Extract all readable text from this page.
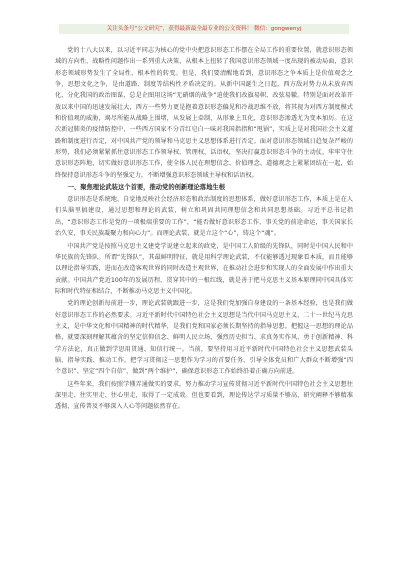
关注头条号“公文研究”，获得最新最全最专业的公文资料！ 微信：gongwenyj

党的十八大以来，以习近平同志为核心的党中央把意识形态工作摆在全局工作的重要位置，就意识形态领域的方向性、战略性问题作出一系列重大决策，从根本上扭转了我国意识形态领域一度出现的被动局面，意识形态领域形势发生了全局性、根本性的转变。但是，我们要清醒地看到，意识形态之争本质上是价值观念之争，思想文化之争，是由道路、制度等结构性矛盾决定的。从新中国诞生之日起，西方敌对势力从未放弃西化、分化我国的政治图谋，总是企图用这场“无硝烟的战争”迫使我们改旗易帜、改弦易辙。特别是面对改革开放以来中国的迅速发展壮大，西方一些势力更是抱着意识形态偏见和冷战思维不放，将其视为对西方制度模式和价值观的威胁，竭尽所能从战略上围堵，从发展上牵制，从形象上丑化，意识形态渗透尤为变本加厉。在这次新冠肺炎的疫情防控中，一些西方国家不分青红皂白一味对我国指指和“甩锅”，实质上是对我国社会主义道路和制度进行否定，对中国共产党的领导和马克思主义思想体系进行否定。面对意识形态领域日趋复杂严峻的形势，我们必须紧紧抓住意识形态工作领导权、管理权、话语权，坚决打赢意识形态斗争的主动仗，牢牢守住意识形态阵地，切实做好意识形态工作，使全体人民在理想信念、价值理念、道德观念上紧紧团结在一起，始终保持意识形态斗争的坚强定力，不断增强意识形态领域主导权和话语权。

一、聚焦理论武装这个首要，推动党的创新理论落地生根

意识形态是系统地、自觉地反映社会经济形态和政治制度的思想体系，做好意识形态工作，本质上是在人们头脑里搞建设，通过思想和理论的武装，树立和巩固共同理想信念和共同思想基础。习近平总书记指出，“意识形态工作是党的一项极端重要的工作”，“能否做好意识形态工作，事关党的前途命运，事关国家长治久安，事关民族凝聚力和向心力”。而理论武装，就是立这个“心”，铸这个“魂”。

中国共产党是按照马克思主义建党学说建立起来的政党，是中国工人阶级的先锋队，同时是中国人民和中华民族的先锋队。所谓“先锋队”，其最鲜明特征，就是用科学理论武装，不仅能够透过现象看本质，而且能够以理论指导实践，进而在改造客观世界的同时改造主观世界，在推动社会进步和实现人的全面发展中作出重大贡献。中国共产党近100年的发展历程，贯穿其中的一根红线，就是善于把马克思主义基本原理同中国具体实际和时代特征相结合，不断推动马克思主义中国化。

党的理论创新每前进一步，理论武装就跟进一步，这是我们党加强自身建设的一条基本经验，也是我们做好意识形态工作的必然要求。习近平新时代中国特色社会主义思想是当代中国马克思主义、二十一世纪马克思主义，是中华文化和中国精神的时代精华，是我们党和国家必须长期坚持的指导思想。把握这一思想的理论品格，就要深刻理解其蕴含的坚定信仰信念、鲜明人民立场、强烈历史担当、求真务实作风、勇于创新精神、科学方法论，真正做到学思用贯通、知信行统一。当前，要坚持用习近平新时代中国特色社会主义思想武装头脑、指导实践、推动工作，把学习贯彻这一思想作为学习的首要任务，引导全体党员和广大群众不断增强“四个意识”、坚定“四个自信”、做到“两个维护”，确保意识形态工作始终沿着正确方向前进。

这些年来，我们按照学懂弄通做实的要求，努力推动学习宣传贯彻习近平新时代中国特色社会主义思想往深里走、往实里走、往心里走，取得了一定成效。但也要看到，理论传达学习质量不够高、研究阐释不够精准透彻、宣传普及不够深入人心等问题依然存在。
